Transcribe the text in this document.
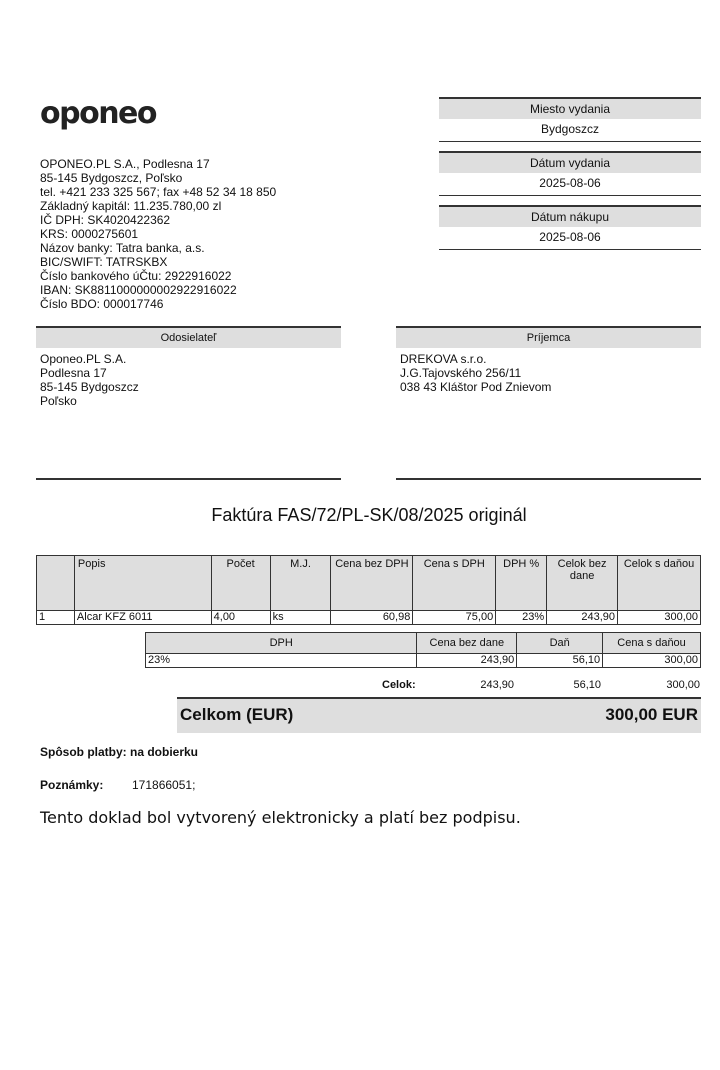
oponeo
OPONEO.PL S.A., Podlesna 17
85-145 Bydgoszcz, Poľsko
tel. +421 233 325 567; fax +48 52 34 18 850
Základný kapitál: 11.235.780,00 zl
IČ DPH: SK4020422362
KRS: 0000275601
Názov banky: Tatra banka, a.s.
BIC/SWIFT: TATRSKBX
Číslo bankového úČtu: 2922916022
IBAN: SK8811000000002922916022
Číslo BDO: 000017746
Miesto vydania
Bydgoszcz
Dátum vydania
2025-08-06
Dátum nákupu
2025-08-06
Odosielateľ
Oponeo.PL S.A.
Podlesna 17
85-145 Bydgoszcz
Poľsko
Príjemca
DREKOVA s.r.o.
J.G.Tajovského 256/11
038 43 Kláštor Pod Znievom
Faktúra FAS/72/PL-SK/08/2025 originál
	Popis	Počet	M.J.	Cena bez DPH	Cena s DPH	DPH %	Celok bez dane	Celok s daňou
1	Alcar KFZ 6011	4,00	ks	60,98	75,00	23%	243,90	300,00
DPH	Cena bez dane	Daň	Cena s daňou
23%	243,90	56,10	300,00
Celok:	243,90	56,10	300,00
Celkom (EUR)	300,00 EUR
Spôsob platby: na dobierku
Poznámky: 171866051;
Tento doklad bol vytvorený elektronicky a platí bez podpisu.
